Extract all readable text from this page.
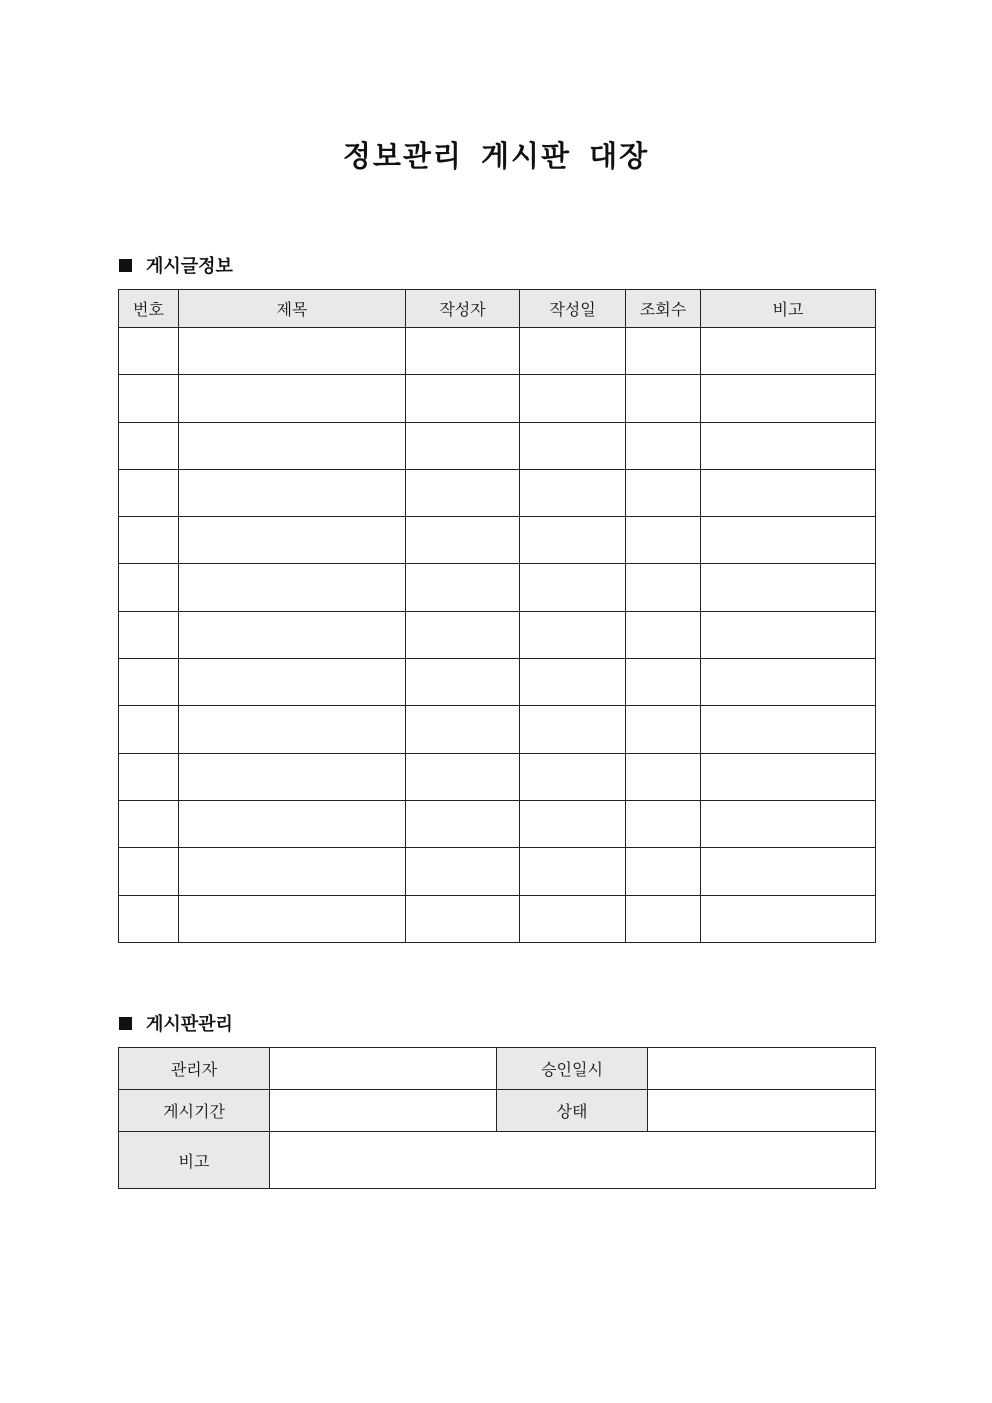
정보관리 게시판 대장
게시글정보
번호	제목	작성자	작성일	조회수	비고

게시판관리
관리자		승인일시	
게시기간		상태	
비고			
